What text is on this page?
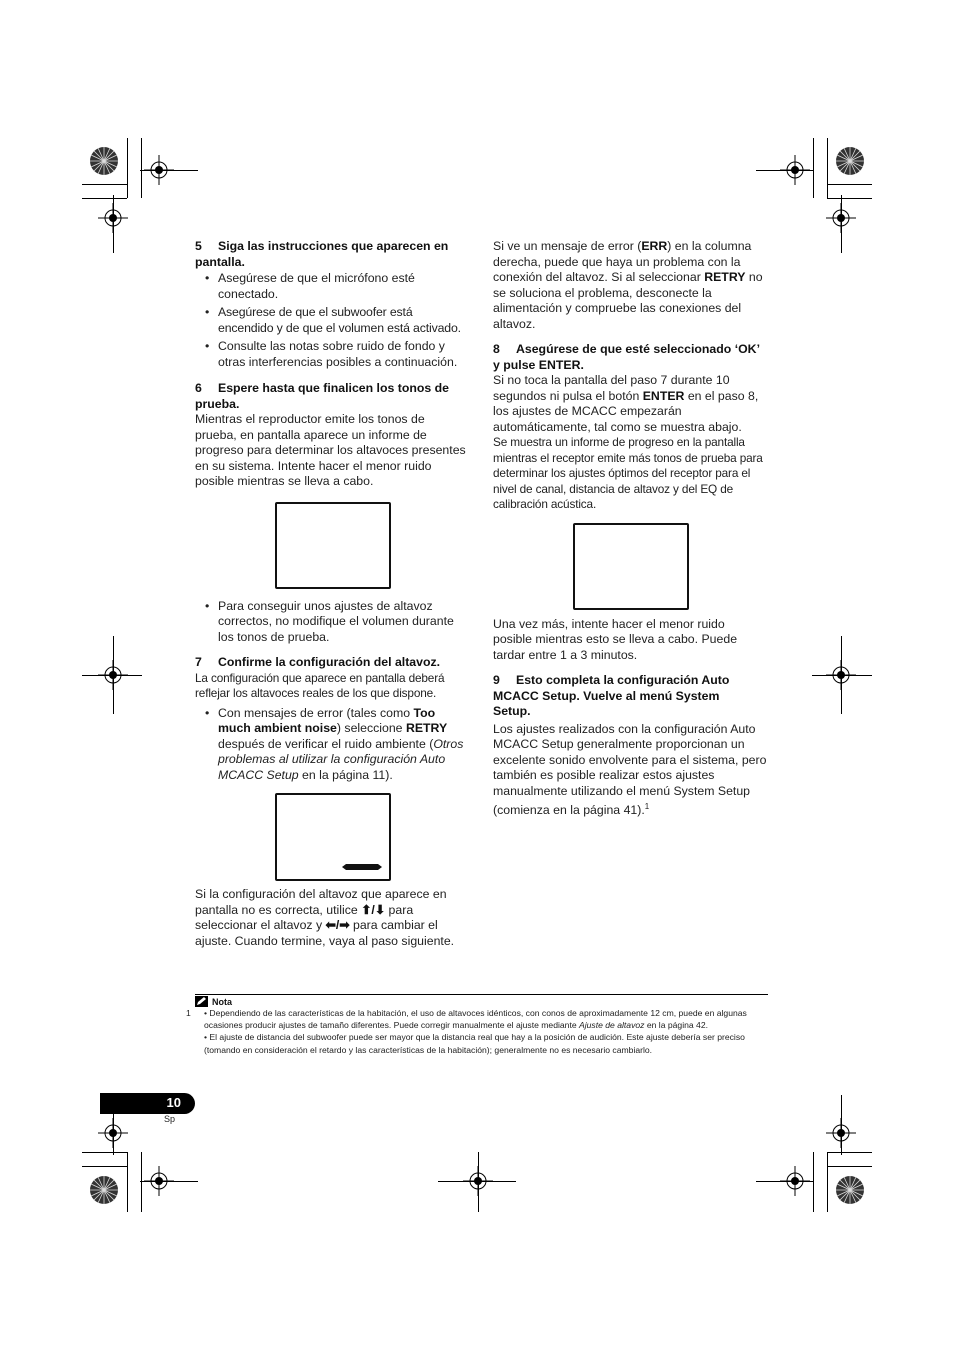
5 Siga las instrucciones que aparecen en pantalla.

• Asegúrese de que el micrófono esté conectado.

• Asegúrese de que el subwoofer está encendido y de que el volumen está activado.

• Consulte las notas sobre ruido de fondo y otras interferencias posibles a continuación.

6 Espere hasta que finalicen los tonos de prueba.

Mientras el reproductor emite los tonos de prueba, en pantalla aparece un informe de progreso para determinar los altavoces presentes en su sistema. Intente hacer el menor ruido posible mientras se lleva a cabo.

• Para conseguir unos ajustes de altavoz correctos, no modifique el volumen durante los tonos de prueba.

7 Confirme la configuración del altavoz.

La configuración que aparece en pantalla deberá reflejar los altavoces reales de los que dispone.

• Con mensajes de error (tales como Too much ambient noise) seleccione RETRY después de verificar el ruido ambiente (Otros problemas al utilizar la configuración Auto MCACC Setup en la página 11).

Si la configuración del altavoz que aparece en pantalla no es correcta, utilice ⬆/⬇ para seleccionar el altavoz y ⬅/➡ para cambiar el ajuste. Cuando termine, vaya al paso siguiente.

Si ve un mensaje de error (ERR) en la columna derecha, puede que haya un problema con la conexión del altavoz. Si al seleccionar RETRY no se soluciona el problema, desconecte la alimentación y compruebe las conexiones del altavoz.

8 Asegúrese de que esté seleccionado ‘OK’ y pulse ENTER.

Si no toca la pantalla del paso 7 durante 10 segundos ni pulsa el botón ENTER en el paso 8, los ajustes de MCACC empezarán automáticamente, tal como se muestra abajo.

Se muestra un informe de progreso en la pantalla mientras el receptor emite más tonos de prueba para determinar los ajustes óptimos del receptor para el nivel de canal, distancia de altavoz y del EQ de calibración acústica.

Una vez más, intente hacer el menor ruido posible mientras esto se lleva a cabo. Puede tardar entre 1 a 3 minutos.

9 Esto completa la configuración Auto MCACC Setup. Vuelve al menú System Setup.

Los ajustes realizados con la configuración Auto MCACC Setup generalmente proporcionan un excelente sonido envolvente para el sistema, pero también es posible realizar estos ajustes manualmente utilizando el menú System Setup (comienza en la página 41).$^1$

Nota
1	• Dependiendo de las características de la habitación, el uso de altavoces idénticos, con conos de aproximadamente 12 cm, puede en algunas ocasiones producir ajustes de tamaño diferentes. Puede corregir manualmente el ajuste mediante Ajuste de altavoz en la página 42.

• El ajuste de distancia del subwoofer puede ser mayor que la distancia real que hay a la posición de audición. Este ajuste debería ser preciso (tomando en consideración el retardo y las características de la habitación); generalmente no es necesario cambiarlo.

10
Sp
